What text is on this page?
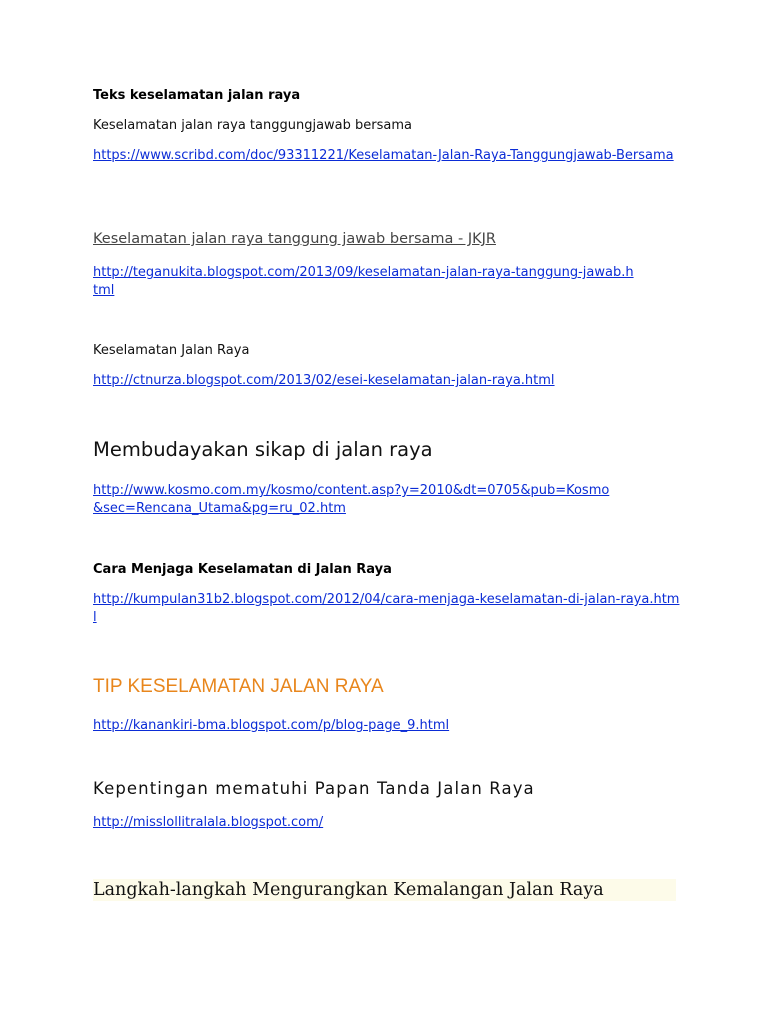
Teks keselamatan jalan raya

Keselamatan jalan raya tanggungjawab bersama

https://www.scribd.com/doc/93311221/Keselamatan-Jalan-Raya-Tanggungjawab-Bersama

Keselamatan jalan raya tanggung jawab bersama - JKJR

http://teganukita.blogspot.com/2013/09/keselamatan-jalan-raya-tanggung-jawab.html

Keselamatan Jalan Raya

http://ctnurza.blogspot.com/2013/02/esei-keselamatan-jalan-raya.html

Membudayakan sikap di jalan raya

http://www.kosmo.com.my/kosmo/content.asp?y=2010&dt=0705&pub=Kosmo&sec=Rencana_Utama&pg=ru_02.htm

Cara Menjaga Keselamatan di Jalan Raya

http://kumpulan31b2.blogspot.com/2012/04/cara-menjaga-keselamatan-di-jalan-raya.html

TIP KESELAMATAN JALAN RAYA

http://kanankiri-bma.blogspot.com/p/blog-page_9.html

Kepentingan mematuhi Papan Tanda Jalan Raya

http://misslollitralala.blogspot.com/

Langkah-langkah Mengurangkan Kemalangan Jalan Raya
